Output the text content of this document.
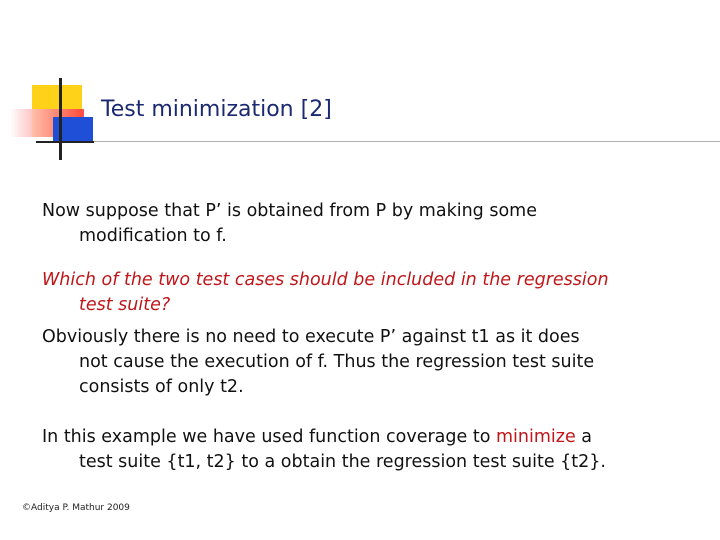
Test minimization [2]
Now suppose that P’ is obtained from P by making some
modification to f.
Which of the two test cases should be included in the regression
test suite?
Obviously there is no need to execute P’ against t1 as it does
not cause the execution of f. Thus the regression test suite
consists of only t2.
In this example we have used function coverage to minimize a
test suite {t1, t2} to a obtain the regression test suite {t2}.
©Aditya P. Mathur 2009
